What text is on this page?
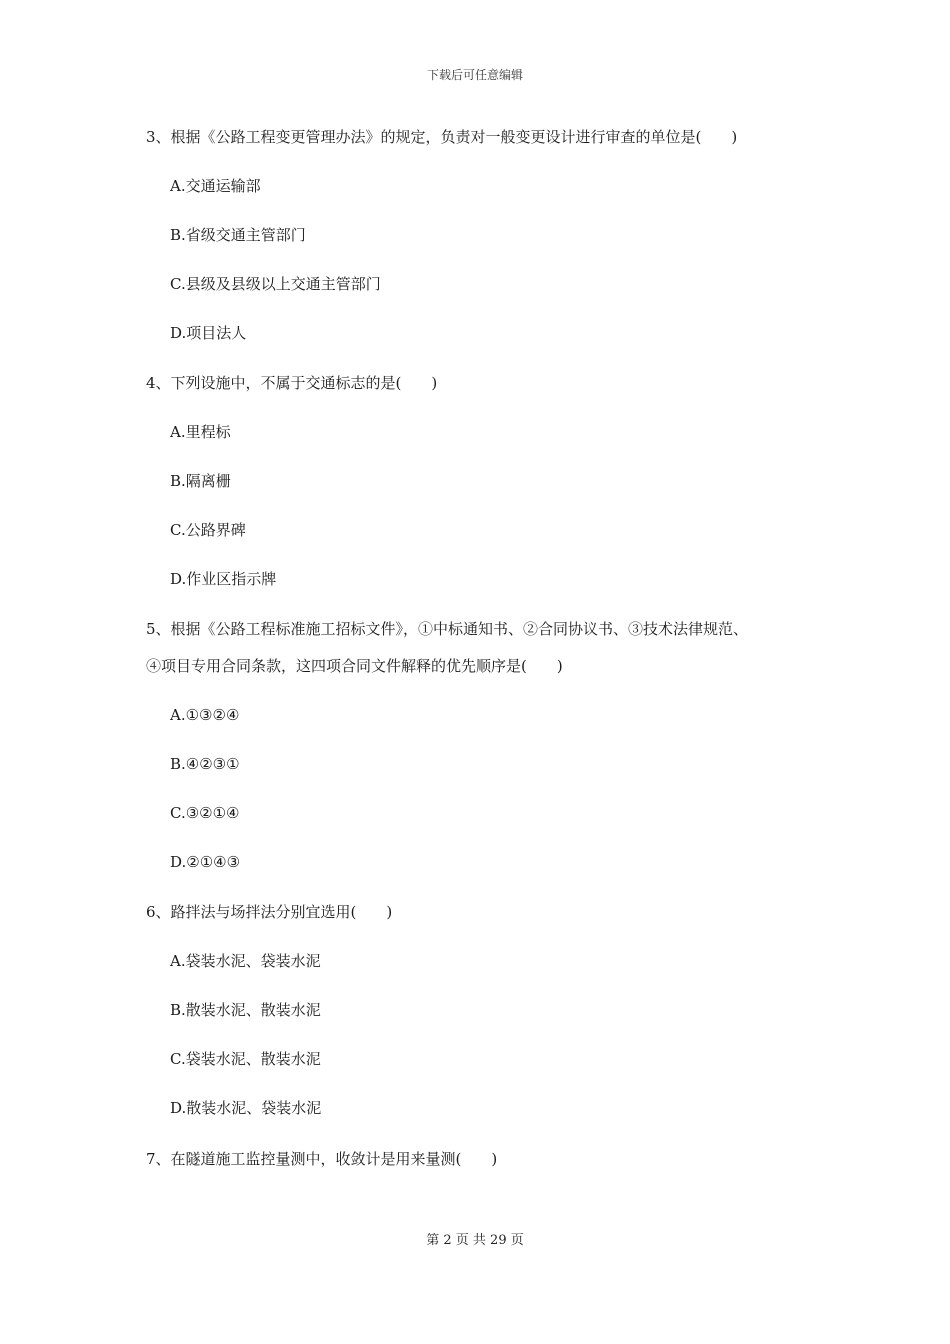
下载后可任意编辑
3、根据《公路工程变更管理办法》的规定，负责对一般变更设计进行审查的单位是(　　)
A.交通运输部
B.省级交通主管部门
C.县级及县级以上交通主管部门
D.项目法人
4、下列设施中，不属于交通标志的是(　　)
A.里程标
B.隔离栅
C.公路界碑
D.作业区指示牌
5、根据《公路工程标准施工招标文件》，①中标通知书、②合同协议书、③技术法律规范、
④项目专用合同条款，这四项合同文件解释的优先顺序是(　　)
A.①③②④
B.④②③①
C.③②①④
D.②①④③
6、路拌法与场拌法分别宜选用(　　)
A.袋装水泥、袋装水泥
B.散装水泥、散装水泥
C.袋装水泥、散装水泥
D.散装水泥、袋装水泥
7、在隧道施工监控量测中，收敛计是用来量测(　　)
第 2 页 共 29 页
